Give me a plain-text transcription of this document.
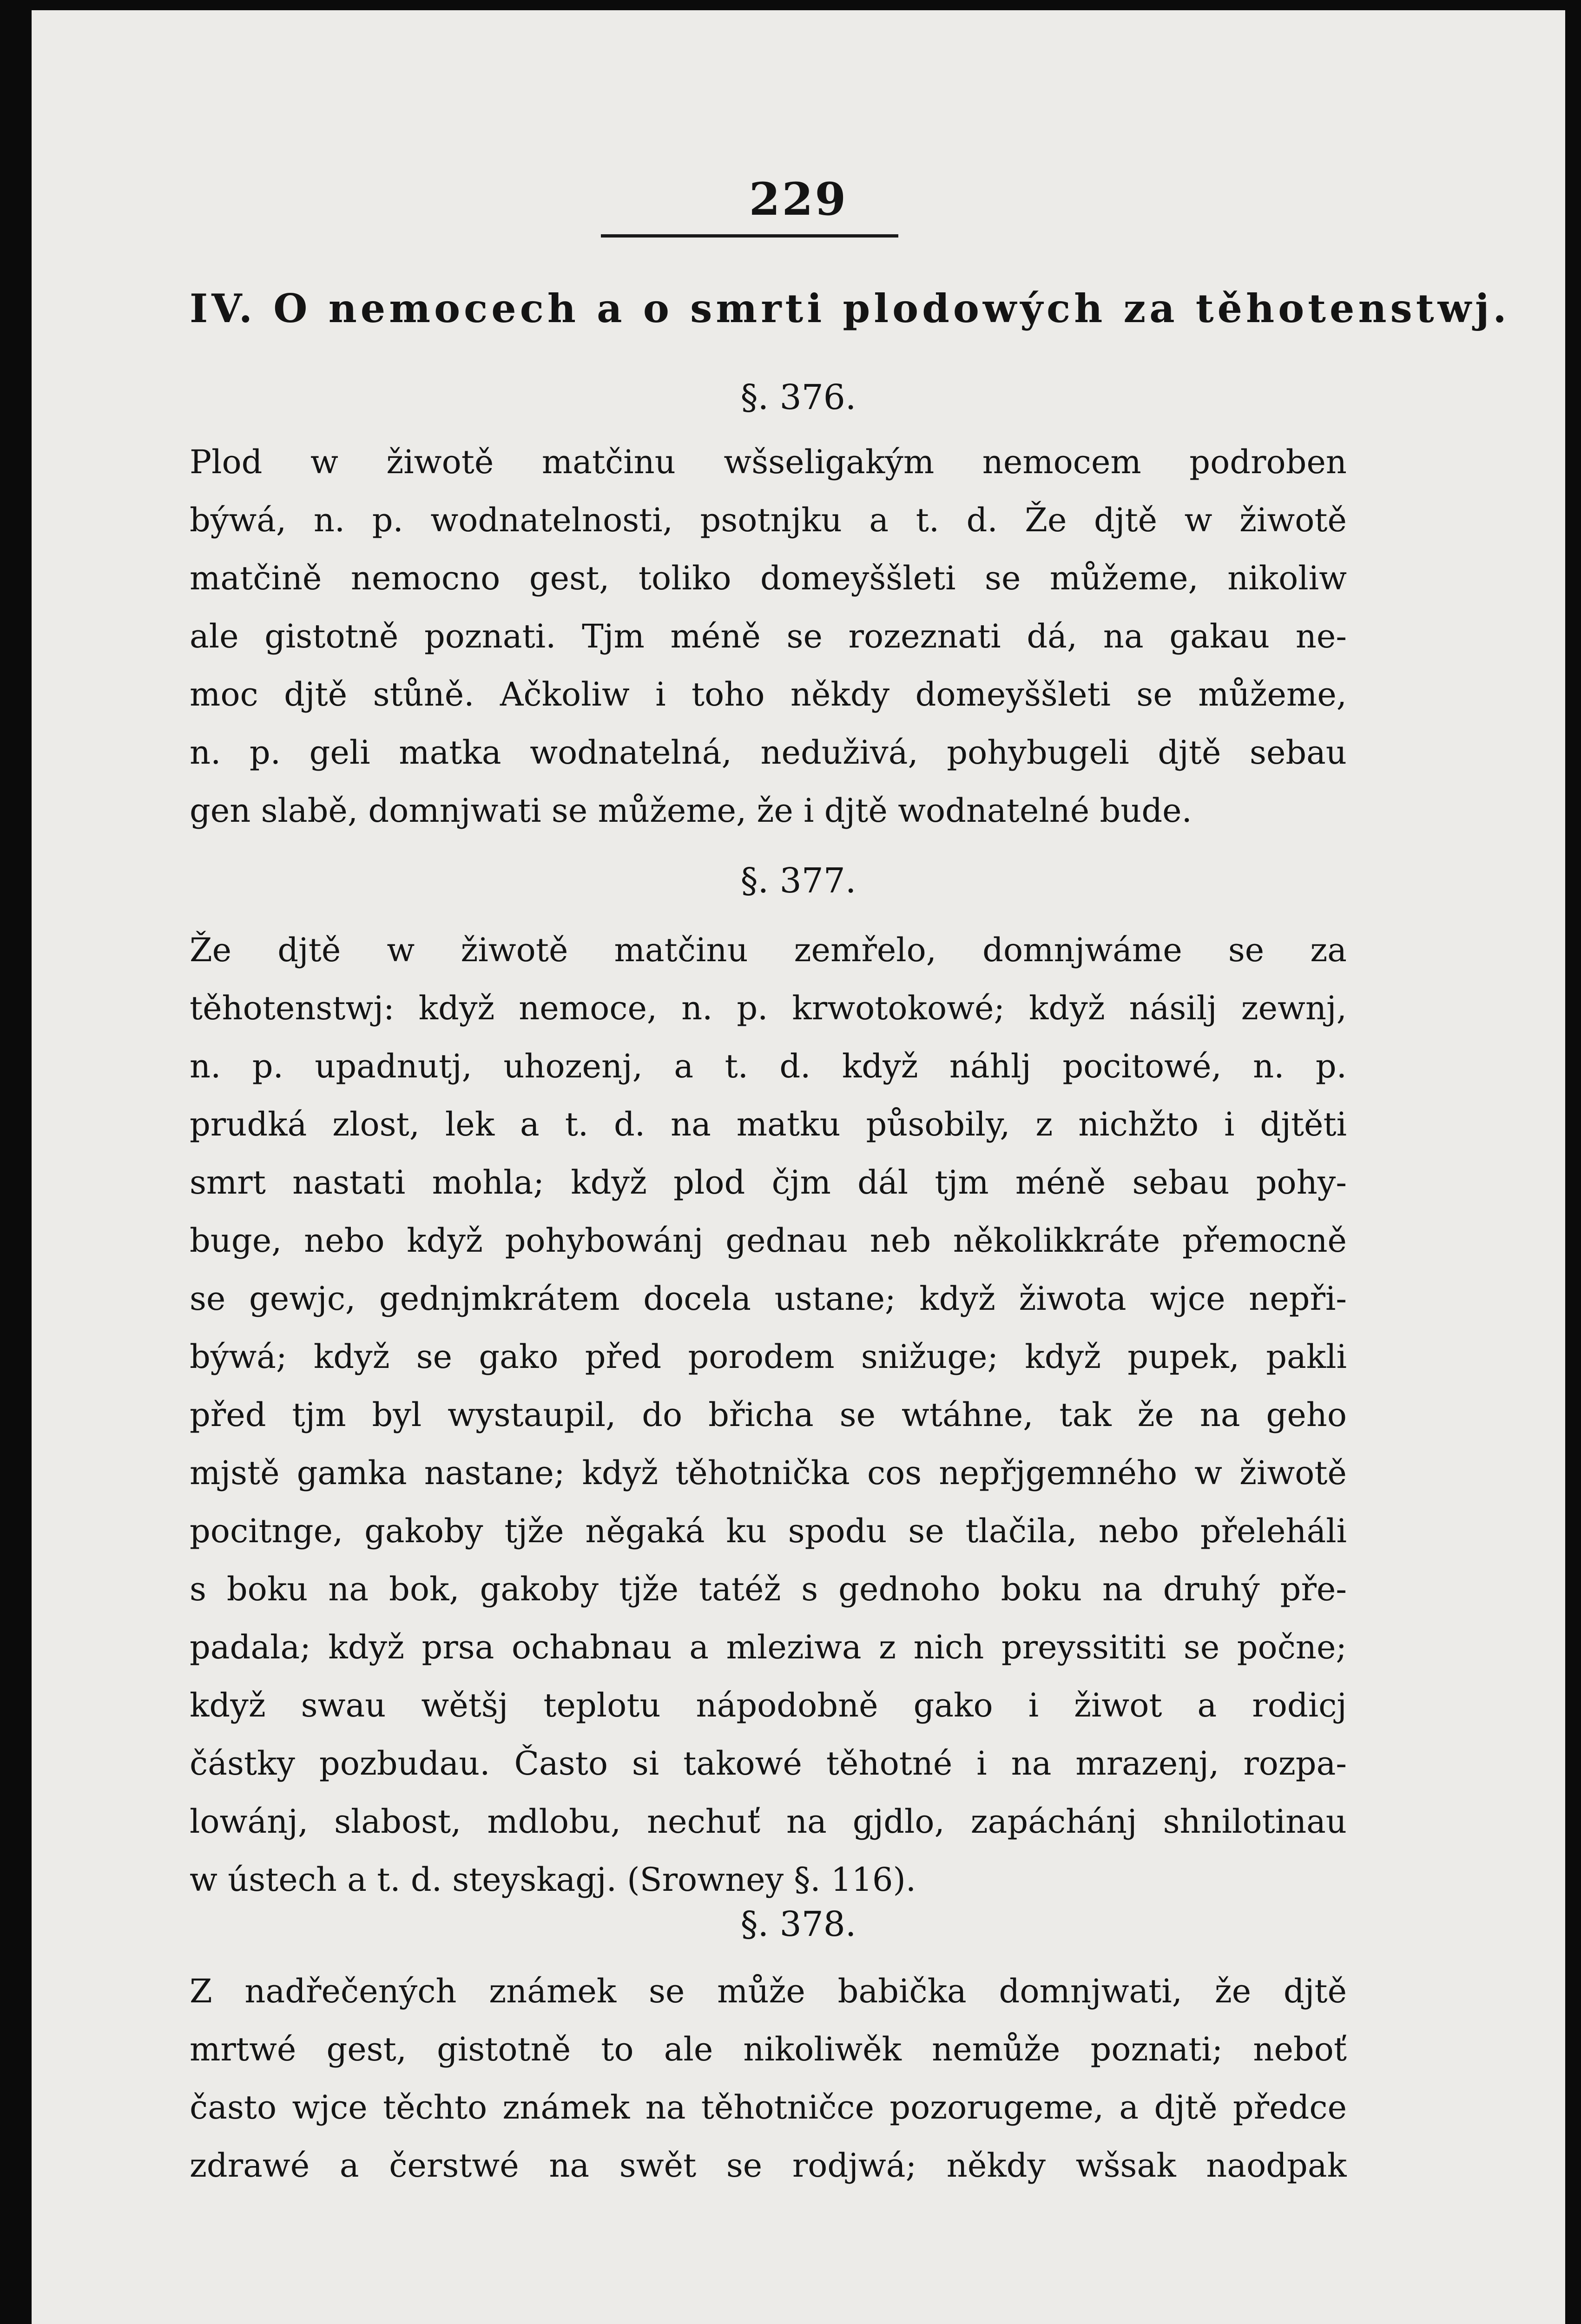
229
IV. O nemocech a o smrti plodowých za těhotenstwj.
§. 376.

Plod w žiwotě matčinu wšseligakým nemocem podroben
býwá, n. p. wodnatelnosti, psotnjku a t. d. Že djtě w žiwotě
matčině nemocno gest, toliko domeyššleti se můžeme, nikoliw
ale gistotně poznati. Tjm méně se rozeznati dá, na gakau ne-
moc djtě stůně. Ačkoliw i toho někdy domeyššleti se můžeme,
n. p. geli matka wodnatelná, neduživá, pohybugeli djtě sebau
gen slabě, domnjwati se můžeme, že i djtě wodnatelné bude.

§. 377.

Že djtě w žiwotě matčinu zemřelo, domnjwáme se za
těhotenstwj: když nemoce, n. p. krwotokowé; když násilj zewnj,
n. p. upadnutj, uhozenj, a t. d. když náhlj pocitowé, n. p.
prudká zlost, lek a t. d. na matku působily, z nichžto i djtěti
smrt nastati mohla; když plod čjm dál tjm méně sebau pohy-
buge, nebo když pohybowánj gednau neb několikkráte přemocně
se gewjc, gednjmkrátem docela ustane; když žiwota wjce nepři-
býwá; když se gako před porodem snižuge; když pupek, pakli
před tjm byl wystaupil, do břicha se wtáhne, tak že na geho
mjstě gamka nastane; když těhotnička cos nepřjgemného w žiwotě
pocitnge, gakoby tjže něgaká ku spodu se tlačila, nebo přeleháli
s boku na bok, gakoby tjže tatéž s gednoho boku na druhý pře-
padala; když prsa ochabnau a mleziwa z nich preyssititi se počne;
když swau wětšj teplotu nápodobně gako i žiwot a rodicj
částky pozbudau. Často si takowé těhotné i na mrazenj, rozpa-
lowánj, slabost, mdlobu, nechuť na gjdlo, zapáchánj shnilotinau
w ústech a t. d. steyskagj. (Srowney §. 116).

§. 378.

Z nadřečených známek se může babička domnjwati, že djtě
mrtwé gest, gistotně to ale nikoliwěk nemůže poznati; neboť
často wjce těchto známek na těhotničce pozorugeme, a djtě předce
zdrawé a čerstwé na swět se rodjwá; někdy wšsak naodpak
